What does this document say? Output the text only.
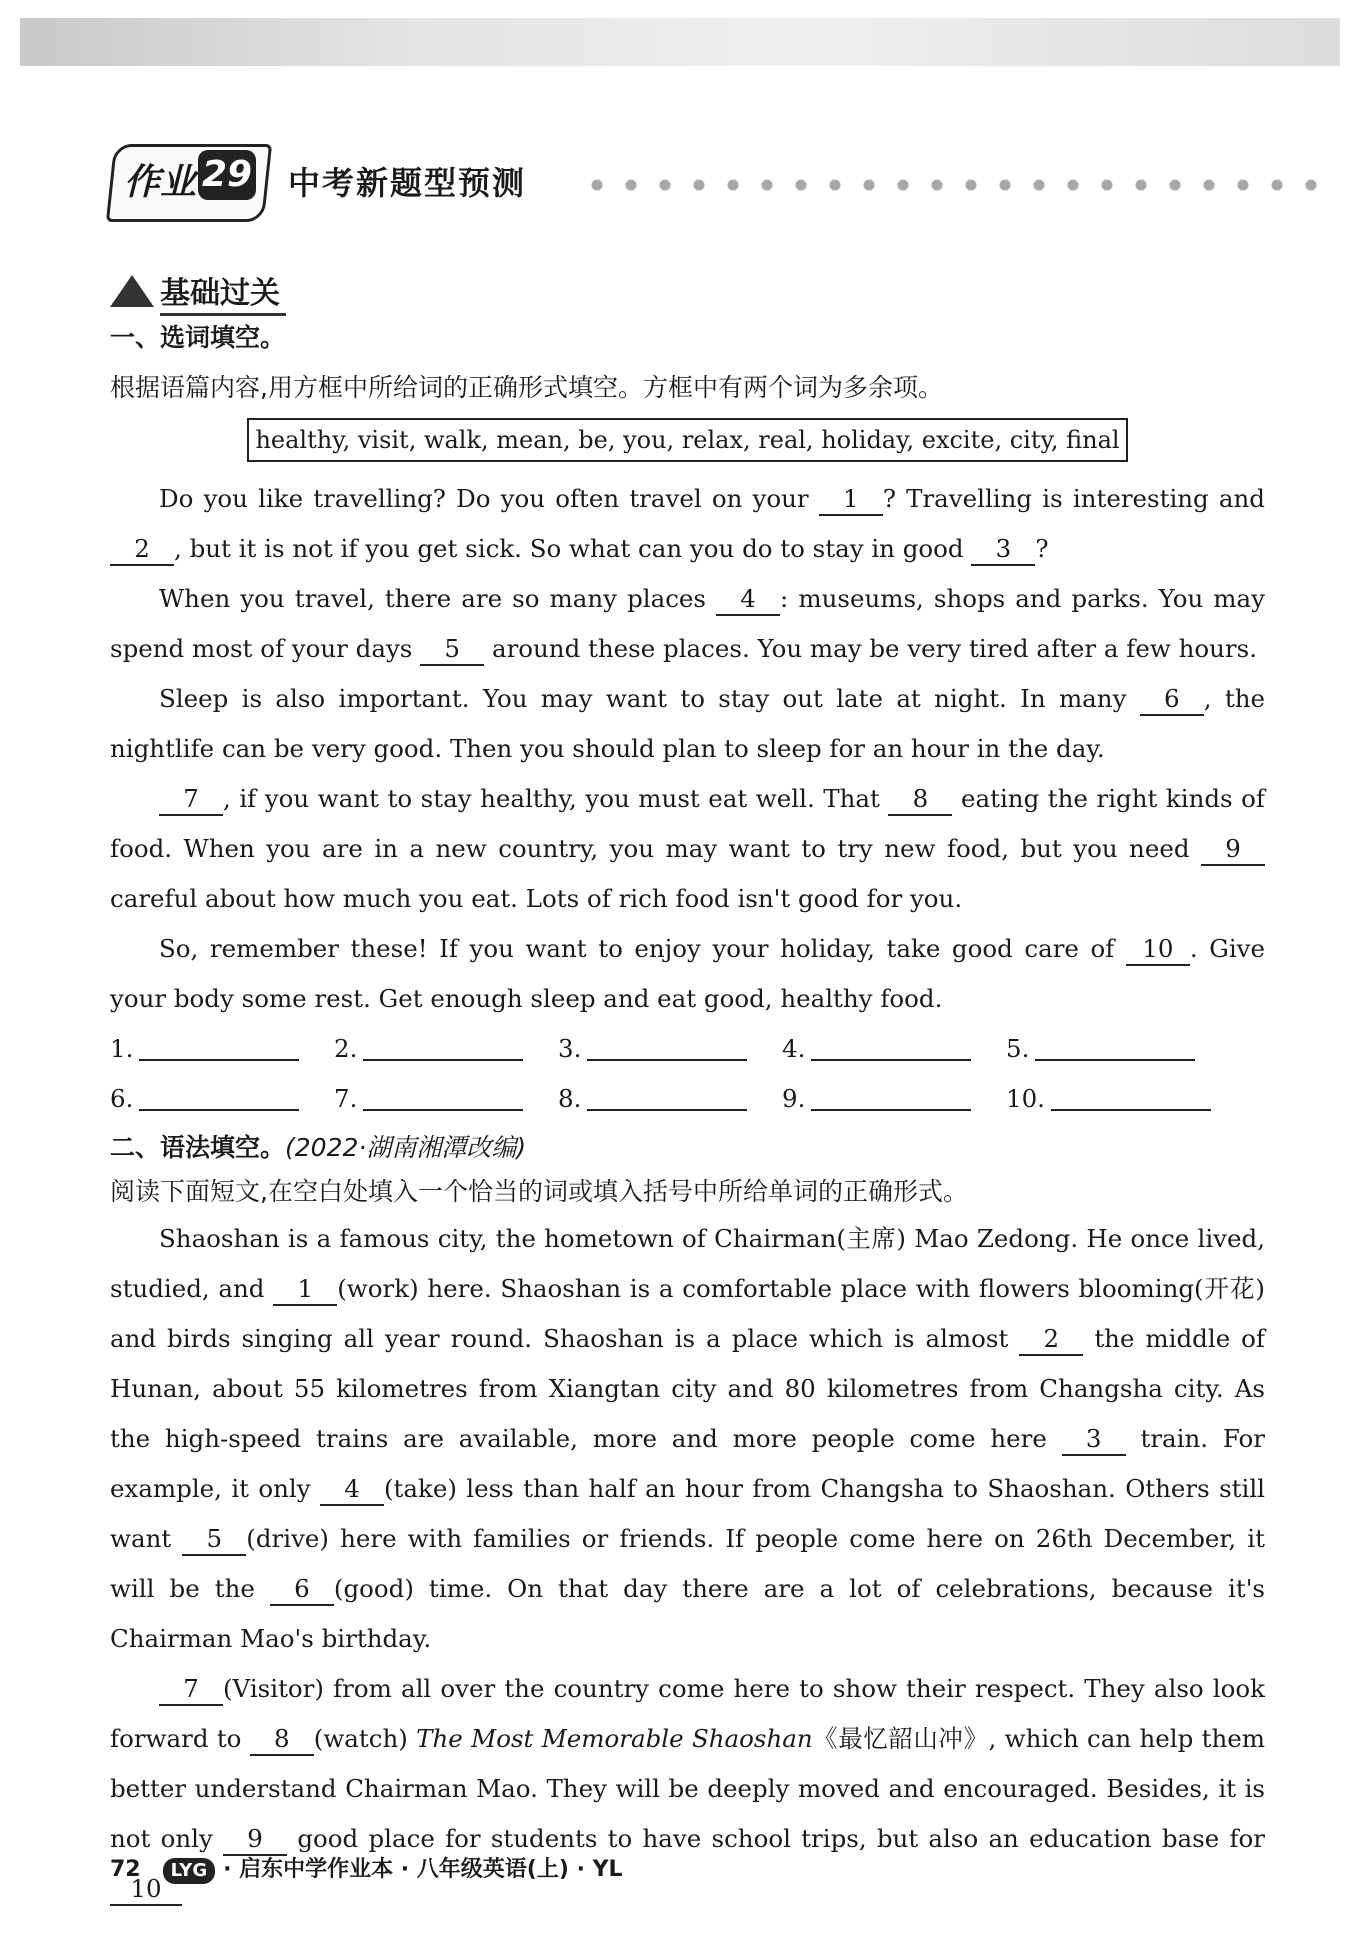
作业 29 中考新题型预测
基础过关
一、选词填空。
根据语篇内容,用方框中所给词的正确形式填空。方框中有两个词为多余项。
healthy, visit, walk, mean, be, you, relax, real, holiday, excite, city, final

Do you like travelling? Do you often travel on your 1 ? Travelling is interesting and 2 , but it is not if you get sick. So what can you do to stay in good 3 ?

When you travel, there are so many places 4 : museums, shops and parks. You may spend most of your days 5 around these places. You may be very tired after a few hours.

Sleep is also important. You may want to stay out late at night. In many 6 , the nightlife can be very good. Then you should plan to sleep for an hour in the day.

7 , if you want to stay healthy, you must eat well. That 8 eating the right kinds of food. When you are in a new country, you may want to try new food, but you need 9 careful about how much you eat. Lots of rich food isn't good for you.

So, remember these! If you want to enjoy your holiday, take good care of 10 . Give your body some rest. Get enough sleep and eat good, healthy food.

1.	2.	3.	4.	5.
6.	7.	8.	9.	10.
二、语法填空。(2022·湖南湘潭改编)
阅读下面短文,在空白处填入一个恰当的词或填入括号中所给单词的正确形式。

Shaoshan is a famous city, the hometown of Chairman(主席) Mao Zedong. He once lived, studied, and 1 (work) here. Shaoshan is a comfortable place with flowers blooming(开花) and birds singing all year round. Shaoshan is a place which is almost 2 the middle of Hunan, about 55 kilometres from Xiangtan city and 80 kilometres from Changsha city. As the high-speed trains are available, more and more people come here 3 train. For example, it only 4 (take) less than half an hour from Changsha to Shaoshan. Others still want 5 (drive) here with families or friends. If people come here on 26th December, it will be the 6 (good) time. On that day there are a lot of celebrations, because it's Chairman Mao's birthday.

7 (Visitor) from all over the country come here to show their respect. They also look forward to 8 (watch) The Most Memorable Shaoshan《最忆韶山冲》, which can help them better understand Chairman Mao. They will be deeply moved and encouraged. Besides, it is not only 9 good place for students to have school trips, but also an education base for 10

72 LYG · 启东中学作业本 · 八年级英语(上) · YL
